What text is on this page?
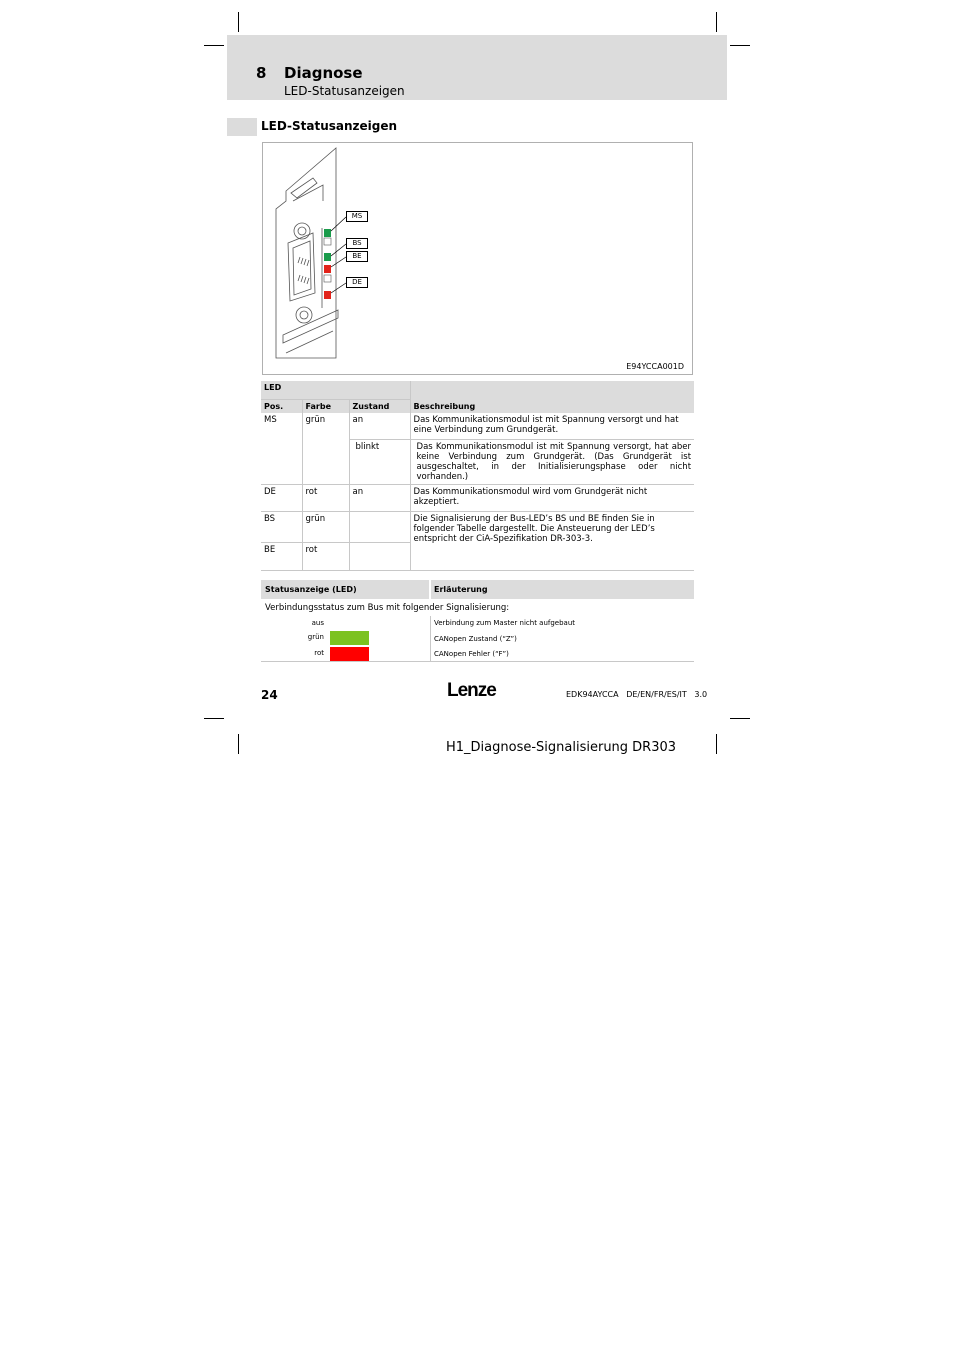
8 Diagnose
LED-Statusanzeigen
LED-Statusanzeigen
MS
BS
BE
DE
E94YCCA001D
LED			Beschreibung
Pos.	Farbe	Zustand	
MS	grün	an	Das Kommunikationsmodul ist mit Spannung versorgt und hat eine Verbindung zum Grundgerät.
		blinkt	Das Kommunikationsmodul ist mit Spannung versorgt, hat aber keine Verbindung zum Grundgerät. (Das Grundgerät ist ausgeschaltet, in der Initialisierungsphase oder nicht vorhanden.)
DE	rot	an	Das Kommunikationsmodul wird vom Grundgerät nicht akzeptiert.
BS	grün		Die Signalisierung der Bus-LED’s BS und BE finden Sie in folgender Tabelle dargestellt. Die Ansteuerung der LED’s entspricht der CiA-Spezifikation DR-303-3.
BE	rot		
Statusanzeige (LED)	Erläuterung
Verbindungsstatus zum Bus mit folgender Signalisierung:
aus	Verbindung zum Master nicht aufgebaut
grün	CANopen Zustand (“Z”)
rot	CANopen Fehler (“F”)
24	Lenze	EDK94AYCCA   DE/EN/FR/ES/IT   3.0
H1_Diagnose-Signalisierung DR303
